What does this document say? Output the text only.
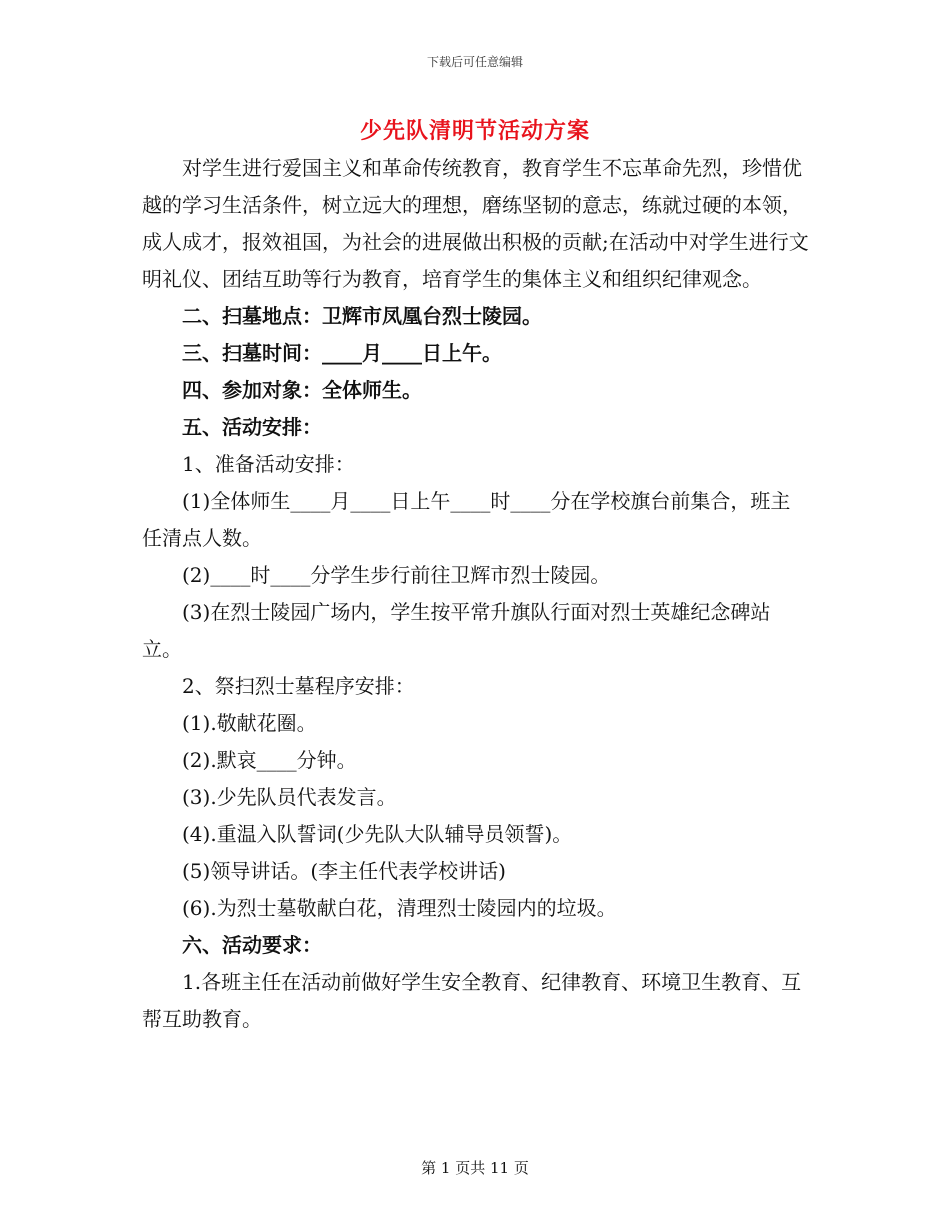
下载后可任意编辑
少先队清明节活动方案

对学生进行爱国主义和革命传统教育，教育学生不忘革命先烈，珍惜优越的学习生活条件，树立远大的理想，磨练坚韧的意志，练就过硬的本领，成人成才，报效祖国，为社会的进展做出积极的贡献;在活动中对学生进行文明礼仪、团结互助等行为教育，培育学生的集体主义和组织纪律观念。

二、扫墓地点：卫辉市凤凰台烈士陵园。

三、扫墓时间：____月____日上午。

四、参加对象：全体师生。

五、活动安排：

1、准备活动安排：

(1)全体师生____月____日上午____时____分在学校旗台前集合，班主任清点人数。

(2)____时____分学生步行前往卫辉市烈士陵园。

(3)在烈士陵园广场内，学生按平常升旗队行面对烈士英雄纪念碑站立。

2、祭扫烈士墓程序安排：

(1).敬献花圈。

(2).默哀____分钟。

(3).少先队员代表发言。

(4).重温入队誓词(少先队大队辅导员领誓)。

(5)领导讲话。(李主任代表学校讲话)

(6).为烈士墓敬献白花，清理烈士陵园内的垃圾。

六、活动要求：

1.各班主任在活动前做好学生安全教育、纪律教育、环境卫生教育、互帮互助教育。

第 1 页共 11 页
